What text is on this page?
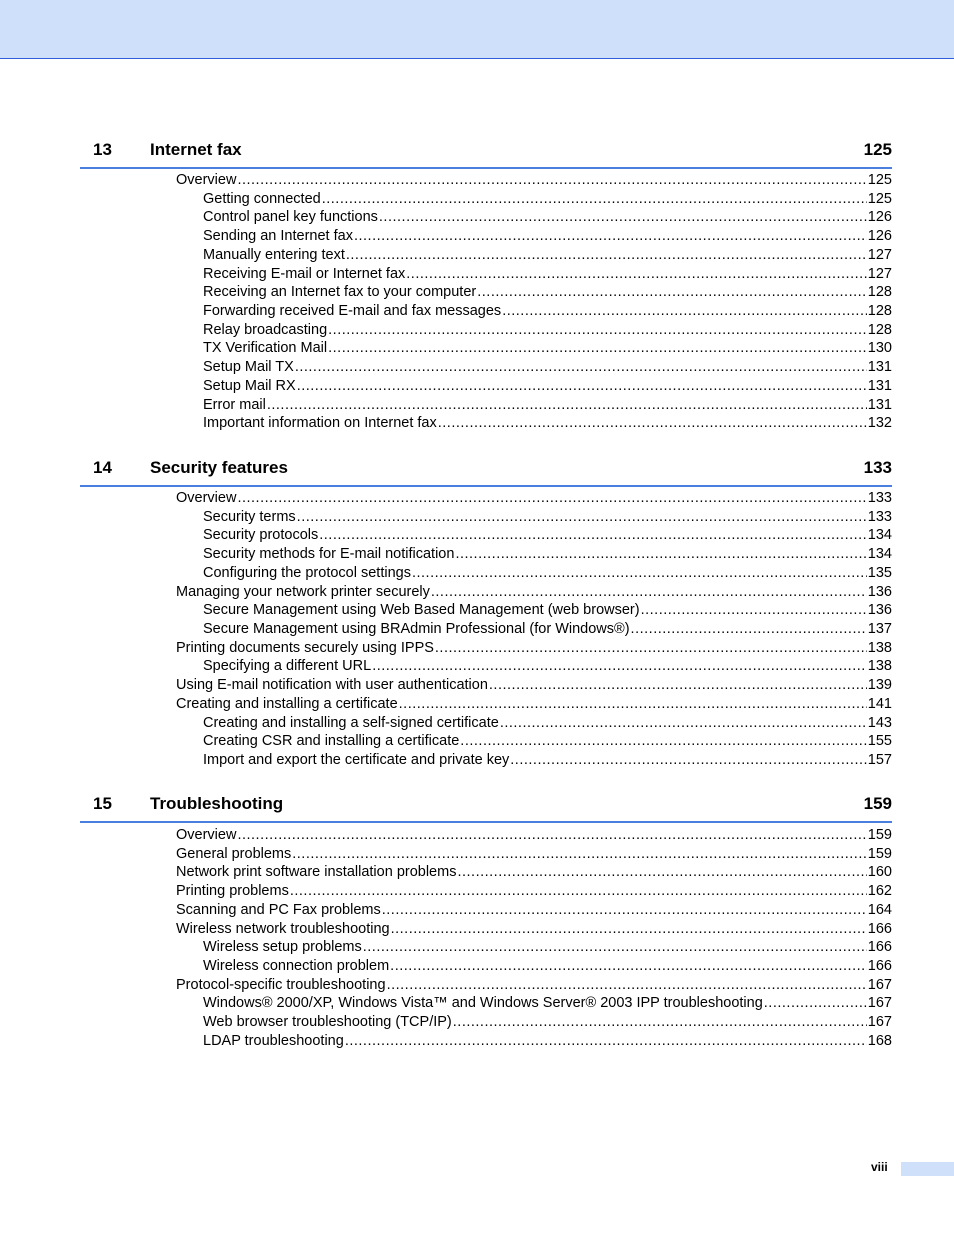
13 Internet fax	125
Overview .....	125
Getting connected .....	125
Control panel key functions .....	126
Sending an Internet fax .....	126
Manually entering text .....	127
Receiving E-mail or Internet fax .....	127
Receiving an Internet fax to your computer .....	128
Forwarding received E-mail and fax messages .....	128
Relay broadcasting .....	128
TX Verification Mail .....	130
Setup Mail TX .....	131
Setup Mail RX .....	131
Error mail .....	131
Important information on Internet fax .....	132
14 Security features	133
Overview .....	133
Security terms .....	133
Security protocols .....	134
Security methods for E-mail notification .....	134
Configuring the protocol settings .....	135
Managing your network printer securely .....	136
Secure Management using Web Based Management (web browser) .....	136
Secure Management using BRAdmin Professional (for Windows®) .....	137
Printing documents securely using IPPS .....	138
Specifying a different URL .....	138
Using E-mail notification with user authentication .....	139
Creating and installing a certificate .....	141
Creating and installing a self-signed certificate .....	143
Creating CSR and installing a certificate .....	155
Import and export the certificate and private key .....	157
15 Troubleshooting	159
Overview .....	159
General problems .....	159
Network print software installation problems .....	160
Printing problems .....	162
Scanning and PC Fax problems .....	164
Wireless network troubleshooting .....	166
Wireless setup problems .....	166
Wireless connection problem .....	166
Protocol-specific troubleshooting .....	167
Windows® 2000/XP, Windows Vista™ and Windows Server® 2003 IPP troubleshooting .....	167
Web browser troubleshooting (TCP/IP) .....	167
LDAP troubleshooting .....	168
viii
